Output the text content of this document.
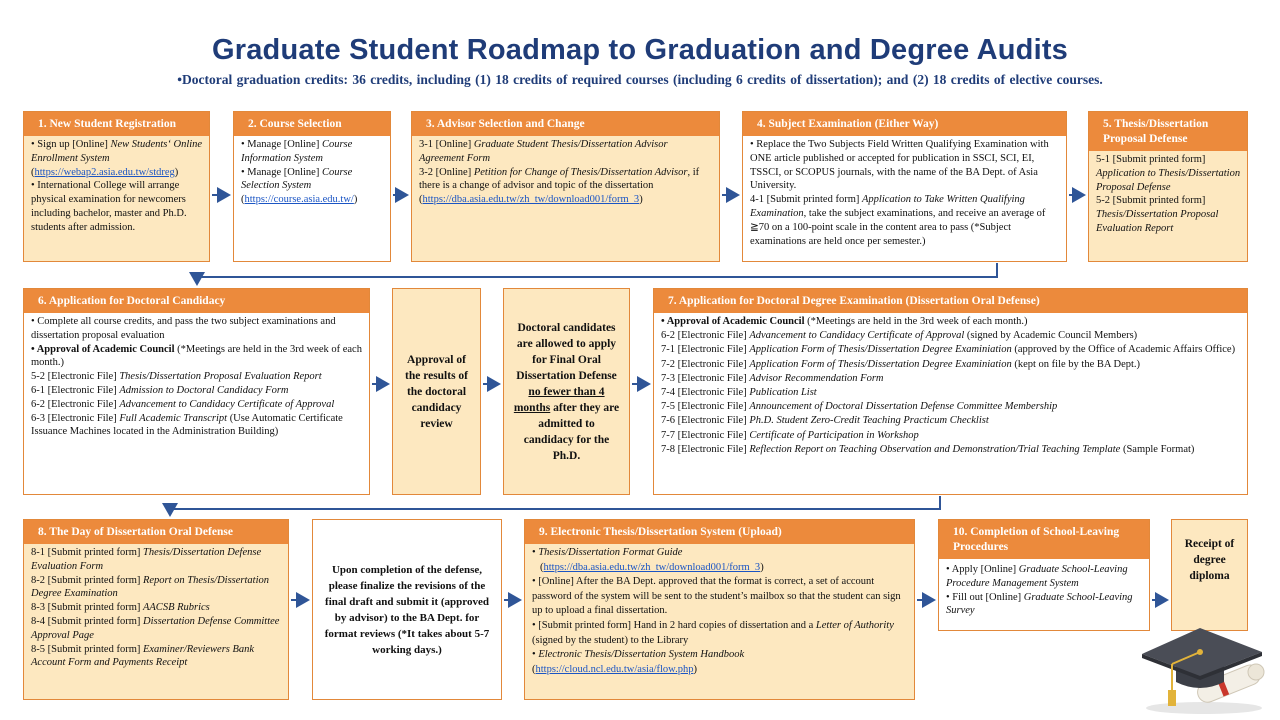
Graduate Student Roadmap to Graduation and Degree Audits
•Doctoral graduation credits: 36 credits, including (1) 18 credits of required courses (including 6 credits of dissertation); and (2) 18 credits of elective courses.
1. New Student Registration
• Sign up [Online] New Students‘ Online Enrollment System
(https://webap2.asia.edu.tw/stdreg)
• International College will arrange physical examination for newcomers including bachelor, master and Ph.D. students after admission.
2. Course Selection
• Manage [Online] Course Information System
• Manage [Online] Course Selection System
(https://course.asia.edu.tw/)
3. Advisor Selection and Change
3-1 [Online] Graduate Student Thesis/Dissertation Advisor Agreement Form
3-2 [Online] Petition for Change of Thesis/Dissertation Advisor, if there is a change of advisor and topic of the dissertation
(https://dba.asia.edu.tw/zh_tw/download001/form_3)
4. Subject Examination (Either Way)
• Replace the Two Subjects Field Written Qualifying Examination with ONE article published or accepted for publication in SSCI, SCI, EI, TSSCI, or SCOPUS journals, with the name of the BA Dept. of Asia University.
4-1 [Submit printed form] Application to Take Written Qualifying Examination, take the subject examinations, and receive an average of ≧70 on a 100-point scale in the content area to pass (*Subject examinations are held once per semester.)
5. Thesis/Dissertation Proposal Defense
5-1 [Submit printed form] Application to Thesis/Dissertation Proposal Defense
5-2 [Submit printed form] Thesis/Dissertation Proposal Evaluation Report
6. Application for Doctoral Candidacy
• Complete all course credits, and pass the two subject examinations and dissertation proposal evaluation
• Approval of Academic Council (*Meetings are held in the 3rd week of each month.)
5-2 [Electronic File] Thesis/Dissertation Proposal Evaluation Report
6-1 [Electronic File] Admission to Doctoral Candidacy Form
6-2 [Electronic File] Advancement to Candidacy Certificate of Approval
6-3 [Electronic File] Full Academic Transcript (Use Automatic Certificate Issuance Machines located in the Administration Building)
Approval of the results of the doctoral candidacy review
Doctoral candidates are allowed to apply for Final Oral Dissertation Defense no fewer than 4 months after they are admitted to candidacy for the Ph.D.
7. Application for Doctoral Degree Examination (Dissertation Oral Defense)
• Approval of Academic Council (*Meetings are held in the 3rd week of each month.)
6-2 [Electronic File] Advancement to Candidacy Certificate of Approval (signed by Academic Council Members)
7-1 [Electronic File] Application Form of Thesis/Dissertation Degree Examiniation (approved by the Office of Academic Affairs Office)
7-2 [Electronic File] Application Form of Thesis/Dissertation Degree Examiniation (kept on file by the BA Dept.)
7-3 [Electronic File] Advisor Recommendation Form
7-4 [Electronic File] Publication List
7-5 [Electronic File] Announcement of Doctoral Dissertation Defense Committee Membership
7-6 [Electronic File] Ph.D. Student Zero-Credit Teaching Practicum Checklist
7-7 [Electronic File] Certificate of Participation in Workshop
7-8 [Electronic File] Reflection Report on Teaching Observation and Demonstration/Trial Teaching Template (Sample Format)
8. The Day of Dissertation Oral Defense
8-1 [Submit printed form] Thesis/Dissertation Defense Evaluation Form
8-2 [Submit printed form] Report on Thesis/Dissertation Degree Examination
8-3 [Submit printed form] AACSB Rubrics
8-4 [Submit printed form] Dissertation Defense Committee Approval Page
8-5 [Submit printed form] Examiner/Reviewers Bank Account Form and Payments Receipt
Upon completion of the defense, please finalize the revisions of the final draft and submit it (approved by advisor) to the BA Dept. for format reviews (*It takes about 5-7 working days.)
9. Electronic Thesis/Dissertation System (Upload)
• Thesis/Dissertation Format Guide
(https://dba.asia.edu.tw/zh_tw/download001/form_3)
• [Online] After the BA Dept. approved that the format is correct, a set of account password of the system will be sent to the student’s mailbox so that the student can sign up to upload a final dissertation.
• [Submit printed form] Hand in 2 hard copies of dissertation and a Letter of Authority (signed by the student) to the Library
• Electronic Thesis/Dissertation System Handbook
(https://cloud.ncl.edu.tw/asia/flow.php)
10. Completion of School-Leaving Procedures
• Apply [Online] Graduate School-Leaving Procedure Management System
• Fill out [Online] Graduate School-Leaving Survey
Receipt of degree diploma
